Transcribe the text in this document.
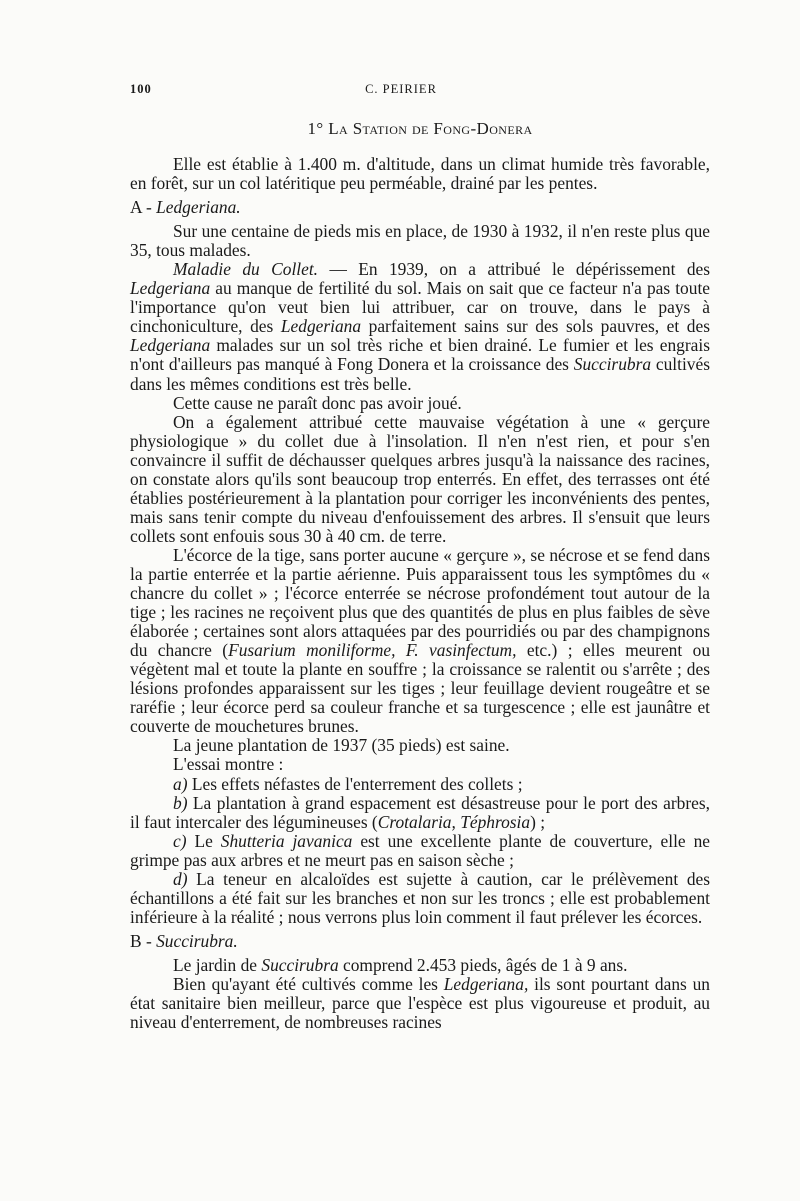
100	C. PEIRIER
1° La Station de Fong-Donera

Elle est établie à 1.400 m. d'altitude, dans un climat humide très favorable, en forêt, sur un col latéritique peu perméable, drainé par les pentes.

A - Ledgeriana.

Sur une centaine de pieds mis en place, de 1930 à 1932, il n'en reste plus que 35, tous malades.

Maladie du Collet. — En 1939, on a attribué le dépérissement des Ledgeriana au manque de fertilité du sol. Mais on sait que ce facteur n'a pas toute l'importance qu'on veut bien lui attribuer, car on trouve, dans le pays à cinchoniculture, des Ledgeriana parfaitement sains sur des sols pauvres, et des Ledgeriana malades sur un sol très riche et bien drainé. Le fumier et les engrais n'ont d'ailleurs pas manqué à Fong Donera et la croissance des Succirubra cultivés dans les mêmes conditions est très belle.

Cette cause ne paraît donc pas avoir joué.

On a également attribué cette mauvaise végétation à une « gerçure physiologique » du collet due à l'insolation. Il n'en n'est rien, et pour s'en convaincre il suffit de déchausser quelques arbres jusqu'à la naissance des racines, on constate alors qu'ils sont beaucoup trop enterrés. En effet, des terrasses ont été établies postérieurement à la plantation pour corriger les inconvénients des pentes, mais sans tenir compte du niveau d'enfouissement des arbres. Il s'ensuit que leurs collets sont enfouis sous 30 à 40 cm. de terre.

L'écorce de la tige, sans porter aucune « gerçure », se nécrose et se fend dans la partie enterrée et la partie aérienne. Puis apparaissent tous les symptômes du « chancre du collet » ; l'écorce enterrée se nécrose profondément tout autour de la tige ; les racines ne reçoivent plus que des quantités de plus en plus faibles de sève élaborée ; certaines sont alors attaquées par des pourridiés ou par des champignons du chancre (Fusarium moniliforme, F. vasinfectum, etc.) ; elles meurent ou végètent mal et toute la plante en souffre ; la croissance se ralentit ou s'arrête ; des lésions profondes apparaissent sur les tiges ; leur feuillage devient rougeâtre et se raréfie ; leur écorce perd sa couleur franche et sa turgescence ; elle est jaunâtre et couverte de mouchetures brunes.

La jeune plantation de 1937 (35 pieds) est saine.

L'essai montre :

a) Les effets néfastes de l'enterrement des collets ;

b) La plantation à grand espacement est désastreuse pour le port des arbres, il faut intercaler des légumineuses (Crotalaria, Téphrosia) ;

c) Le Shutteria javanica est une excellente plante de couverture, elle ne grimpe pas aux arbres et ne meurt pas en saison sèche ;

d) La teneur en alcaloïdes est sujette à caution, car le prélèvement des échantillons a été fait sur les branches et non sur les troncs ; elle est probablement inférieure à la réalité ; nous verrons plus loin comment il faut prélever les écorces.

B - Succirubra.

Le jardin de Succirubra comprend 2.453 pieds, âgés de 1 à 9 ans.

Bien qu'ayant été cultivés comme les Ledgeriana, ils sont pourtant dans un état sanitaire bien meilleur, parce que l'espèce est plus vigoureuse et produit, au niveau d'enterrement, de nombreuses racines
